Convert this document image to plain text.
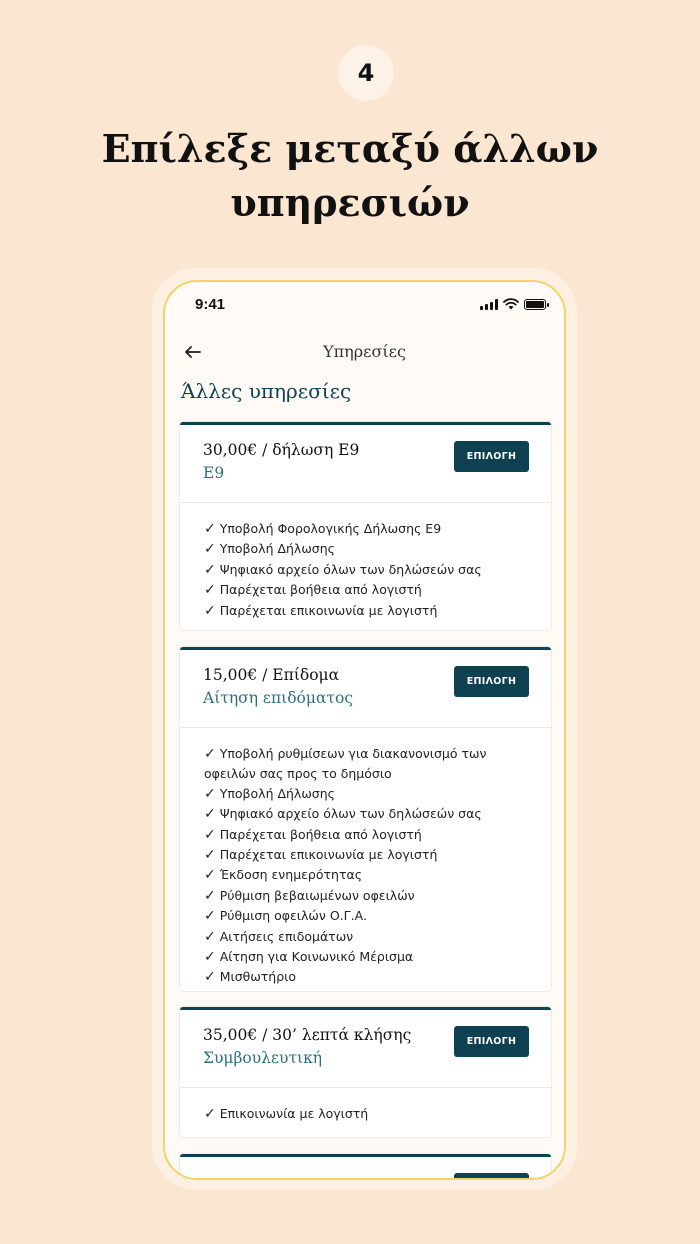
4
Επίλεξε μεταξύ άλλων
υπηρεσιών
9:41
Υπηρεσίες
Άλλες υπηρεσίες
30,00€ / δήλωση Ε9
Ε9
ΕΠΙΛΟΓΗ
✓ Υποβολή Φορολογικής Δήλωσης Ε9
✓ Υποβολή Δήλωσης
✓ Ψηφιακό αρχείο όλων των δηλώσεών σας
✓ Παρέχεται βοήθεια από λογιστή
✓ Παρέχεται επικοινωνία με λογιστή
15,00€ / Επίδομα
Αίτηση επιδόματος
ΕΠΙΛΟΓΗ
✓ Υποβολή ρυθμίσεων για διακανονισμό των
οφειλών σας προς το δημόσιο
✓ Υποβολή Δήλωσης
✓ Ψηφιακό αρχείο όλων των δηλώσεών σας
✓ Παρέχεται βοήθεια από λογιστή
✓ Παρέχεται επικοινωνία με λογιστή
✓ Έκδοση ενημερότητας
✓ Ρύθμιση βεβαιωμένων οφειλών
✓ Ρύθμιση οφειλών Ο.Γ.Α.
✓ Αιτήσεις επιδομάτων
✓ Αίτηση για Κοινωνικό Μέρισμα
✓ Μισθωτήριο
35,00€ / 30’ λεπτά κλήσης
Συμβουλευτική
ΕΠΙΛΟΓΗ
✓ Επικοινωνία με λογιστή
